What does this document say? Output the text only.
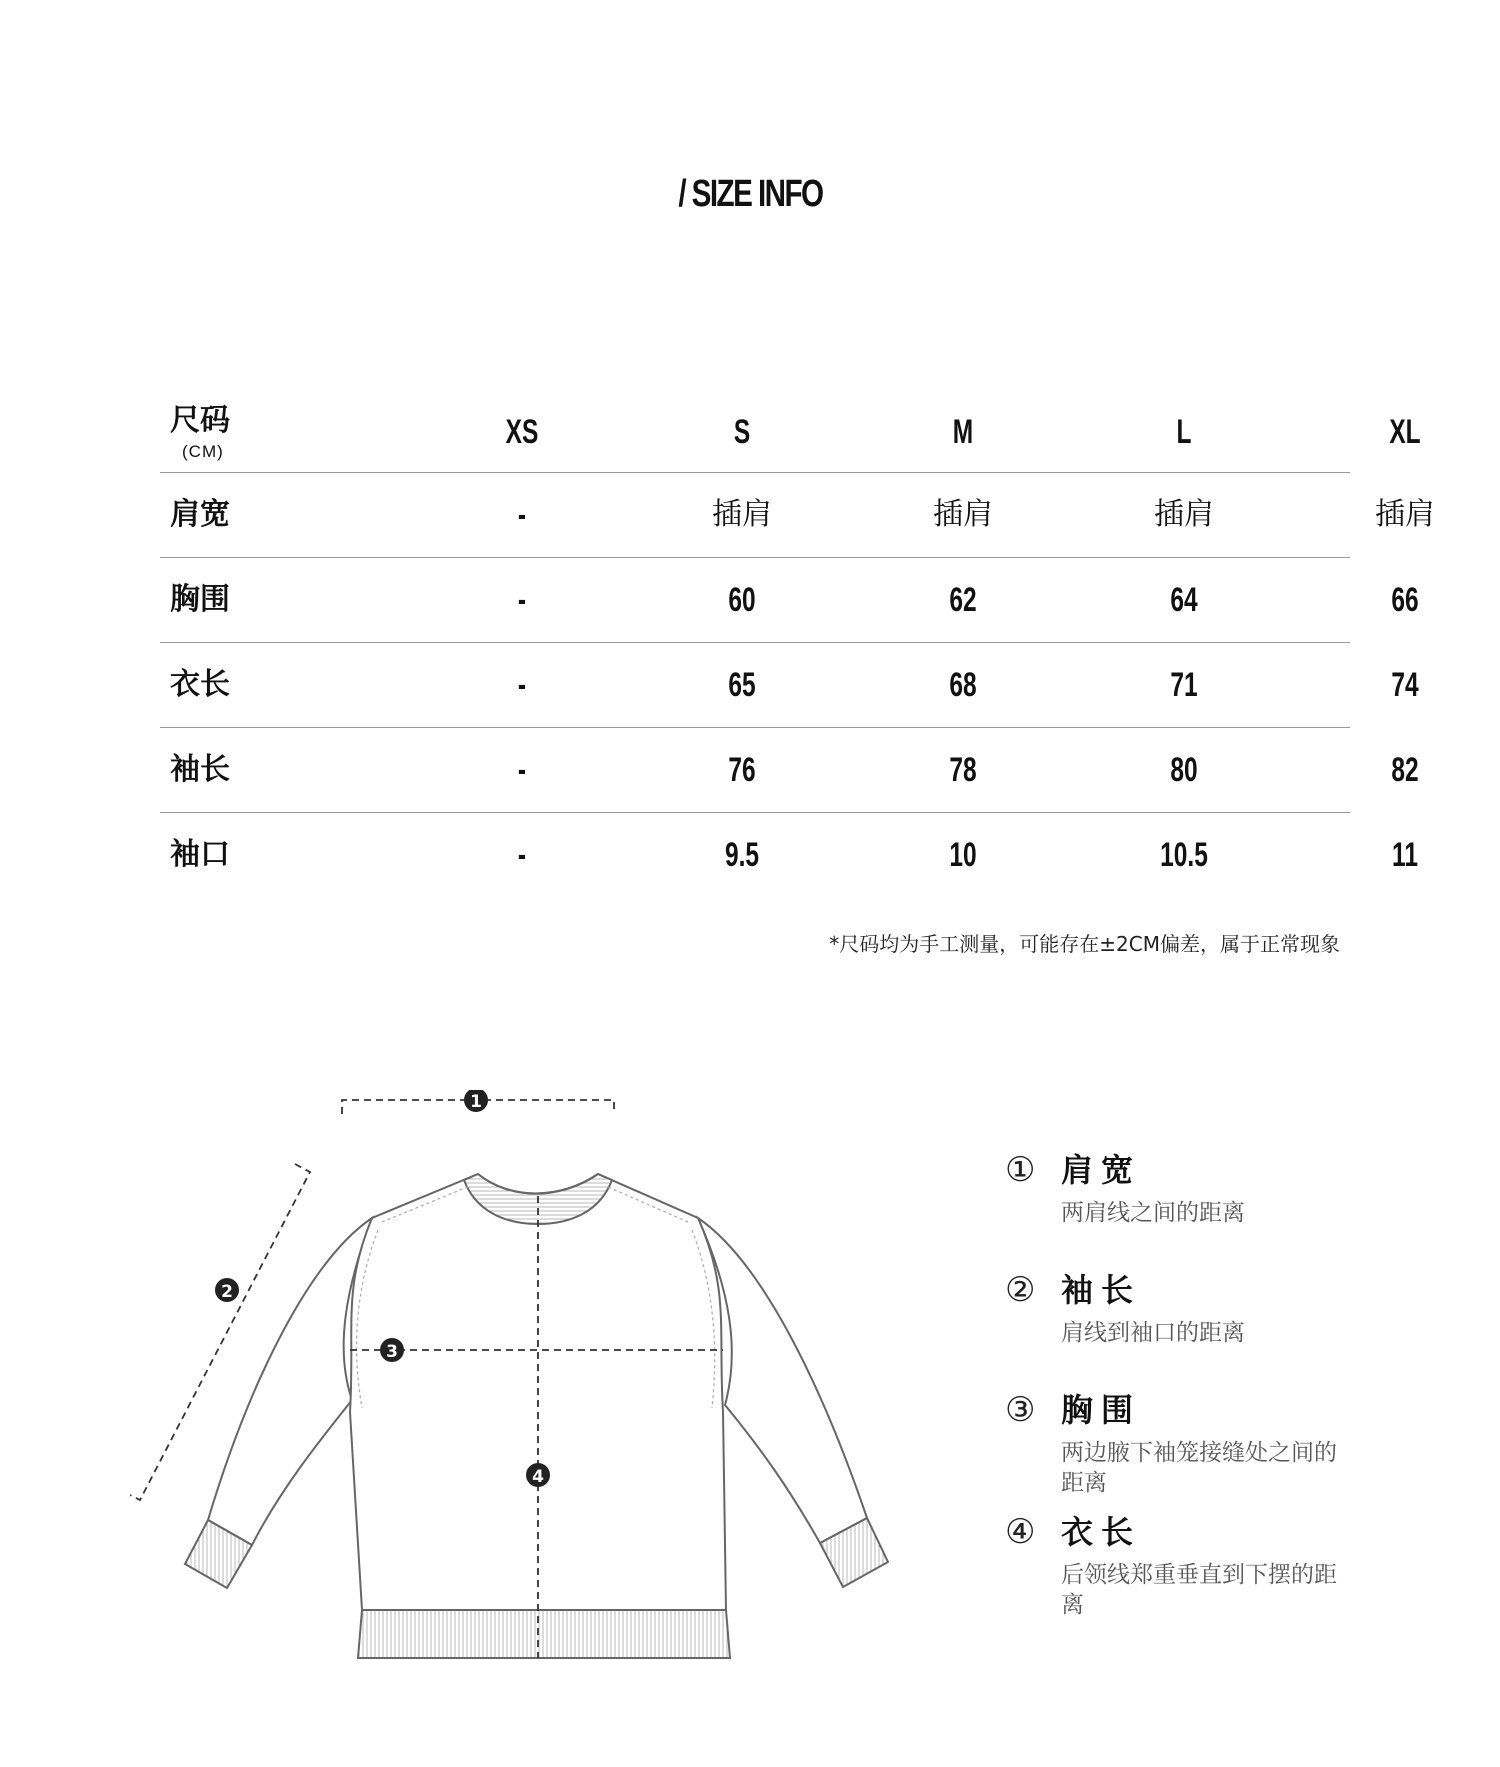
/ SIZE INFO
尺码
(CM)
XS	S	M	L	XL
肩宽	-	插肩	插肩	插肩	插肩
胸围	-	60	62	64	66
衣长	-	65	68	71	74
袖长	-	76	78	80	82
袖口	-	9.5	10	10.5	11
*尺码均为手工测量，可能存在±2CM偏差，属于正常现象
1
2
3
4
① 肩宽
两肩线之间的距离
② 袖长
肩线到袖口的距离
③ 胸围
两边腋下袖笼接缝处之间的距离
④ 衣长
后领线郑重垂直到下摆的距离
